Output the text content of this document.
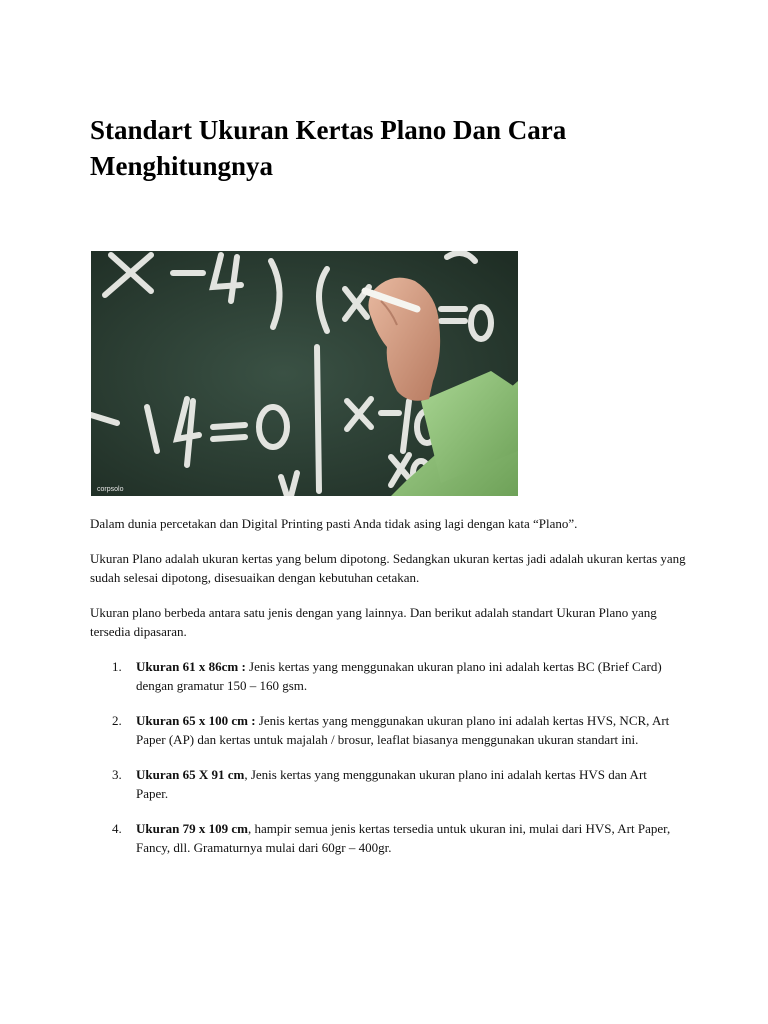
Standart Ukuran Kertas Plano Dan Cara Menghitungnya
corpsolo

Dalam dunia percetakan dan Digital Printing pasti Anda tidak asing lagi dengan kata “Plano”.

Ukuran Plano adalah ukuran kertas yang belum dipotong. Sedangkan ukuran kertas jadi adalah ukuran kertas yang sudah selesai dipotong, disesuaikan dengan kebutuhan cetakan.

Ukuran plano berbeda antara satu jenis dengan yang lainnya. Dan berikut adalah standart Ukuran Plano yang tersedia dipasaran.

1. Ukuran 61 x 86cm : Jenis kertas yang menggunakan ukuran plano ini adalah kertas BC (Brief Card) dengan gramatur 150 – 160 gsm.
2. Ukuran 65 x 100 cm : Jenis kertas yang menggunakan ukuran plano ini adalah kertas HVS, NCR, Art Paper (AP) dan kertas untuk majalah / brosur, leaflat biasanya menggunakan ukuran standart ini.
3. Ukuran 65 X 91 cm, Jenis kertas yang menggunakan ukuran plano ini adalah kertas HVS dan Art Paper.
4. Ukuran 79 x 109 cm, hampir semua jenis kertas tersedia untuk ukuran ini, mulai dari HVS, Art Paper, Fancy, dll. Gramaturnya mulai dari 60gr – 400gr.
